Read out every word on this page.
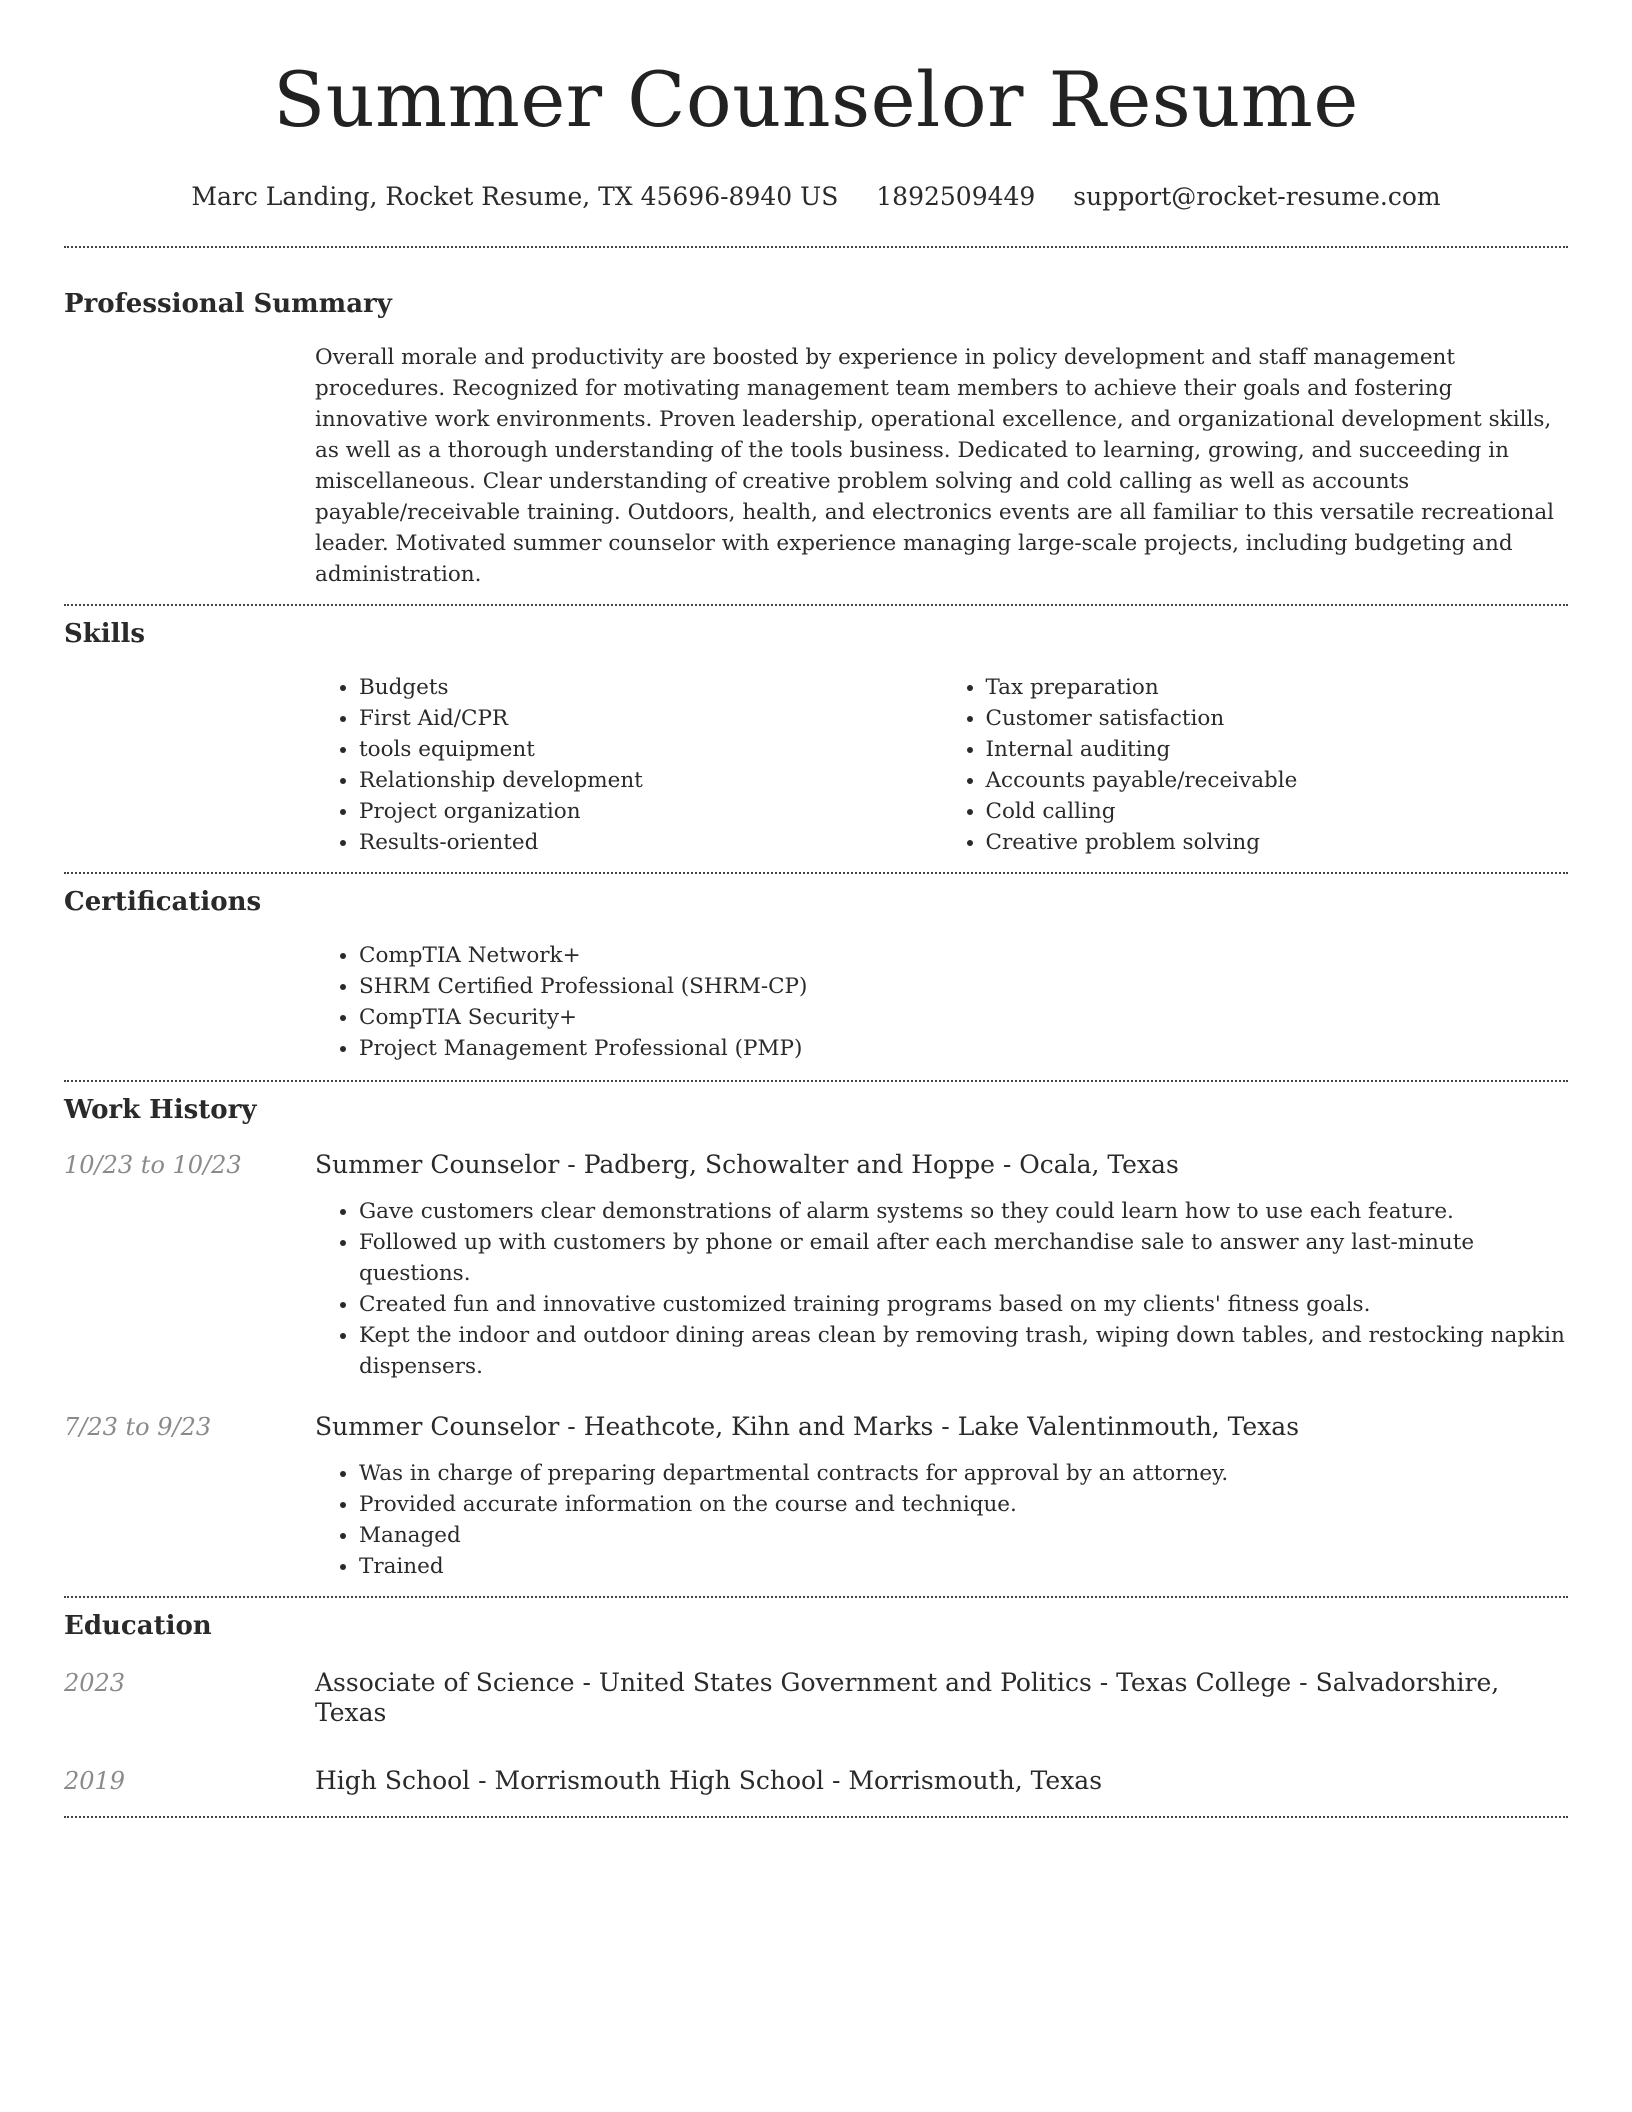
Summer Counselor Resume
Marc Landing, Rocket Resume, TX 45696-8940 US 1892509449 support@rocket-resume.com
Professional Summary
Overall morale and productivity are boosted by experience in policy development and staff management procedures. Recognized for motivating management team members to achieve their goals and fostering innovative work environments. Proven leadership, operational excellence, and organizational development skills, as well as a thorough understanding of the tools business. Dedicated to learning, growing, and succeeding in miscellaneous. Clear understanding of creative problem solving and cold calling as well as accounts payable/receivable training. Outdoors, health, and electronics events are all familiar to this versatile recreational leader. Motivated summer counselor with experience managing large-scale projects, including budgeting and administration.
Skills
• Budgets
• First Aid/CPR
• tools equipment
• Relationship development
• Project organization
• Results-oriented
• Tax preparation
• Customer satisfaction
• Internal auditing
• Accounts payable/receivable
• Cold calling
• Creative problem solving
Certifications
• CompTIA Network+
• SHRM Certified Professional (SHRM-CP)
• CompTIA Security+
• Project Management Professional (PMP)
Work History
10/23 to 10/23	Summer Counselor - Padberg, Schowalter and Hoppe - Ocala, Texas
• Gave customers clear demonstrations of alarm systems so they could learn how to use each feature.
• Followed up with customers by phone or email after each merchandise sale to answer any last-minute questions.
• Created fun and innovative customized training programs based on my clients' fitness goals.
• Kept the indoor and outdoor dining areas clean by removing trash, wiping down tables, and restocking napkin dispensers.
7/23 to 9/23	Summer Counselor - Heathcote, Kihn and Marks - Lake Valentinmouth, Texas
• Was in charge of preparing departmental contracts for approval by an attorney.
• Provided accurate information on the course and technique.
• Managed
• Trained
Education
2023	Associate of Science - United States Government and Politics - Texas College - Salvadorshire, Texas
2019	High School - Morrismouth High School - Morrismouth, Texas
